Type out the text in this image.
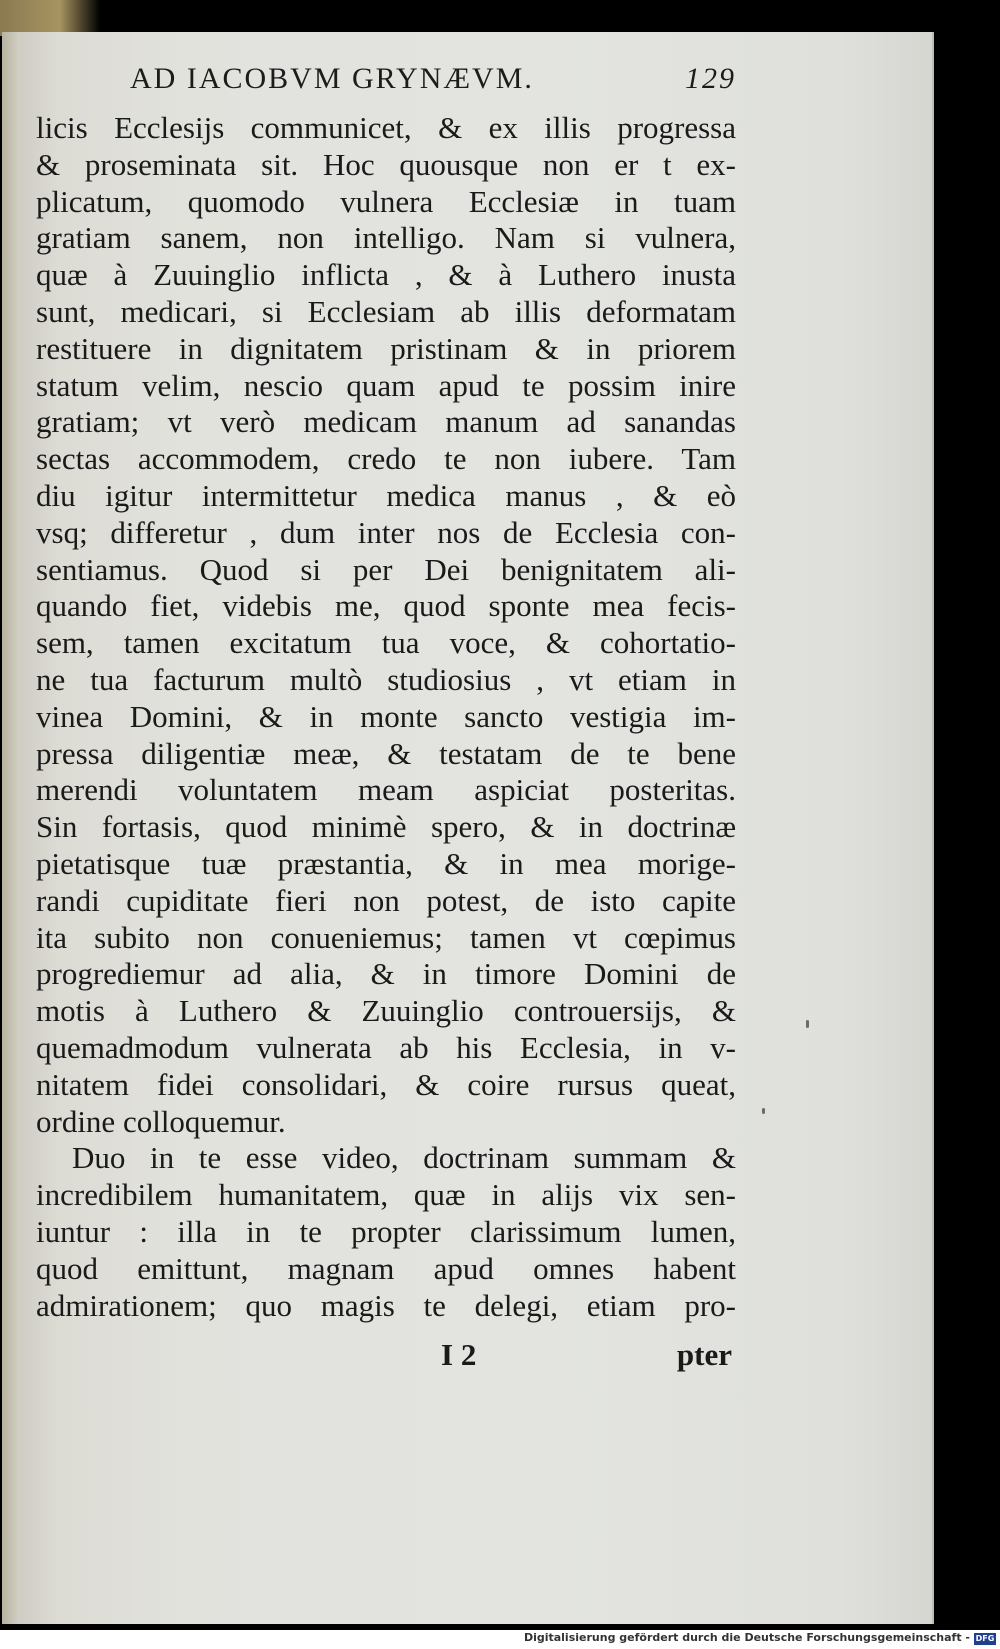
AD IACOBVM GRYNÆVM.	129
licis Ecclesijs communicet, & ex illis progressa
& proseminata sit. Hoc quousque non er t ex-
plicatum, quomodo vulnera Ecclesiæ in tuam
gratiam sanem, non intelligo. Nam si vulnera,
quæ à Zuuinglio inflicta , & à Luthero inusta
sunt, medicari, si Ecclesiam ab illis deformatam
restituere in dignitatem pristinam & in priorem
statum velim, nescio quam apud te possim inire
gratiam; vt verò medicam manum ad sanandas
sectas accommodem, credo te non iubere. Tam
diu igitur intermittetur medica manus , & eò
vsq; differetur , dum inter nos de Ecclesia con-
sentiamus. Quod si per Dei benignitatem ali-
quando fiet, videbis me, quod sponte mea fecis-
sem, tamen excitatum tua voce, & cohortatio-
ne tua facturum multò studiosius , vt etiam in
vinea Domini, & in monte sancto vestigia im-
pressa diligentiæ meæ, & testatam de te bene
merendi voluntatem meam aspiciat posteritas.
Sin fortasis, quod minimè spero, & in doctrinæ
pietatisque tuæ præstantia, & in mea morige-
randi cupiditate fieri non potest, de isto capite
ita subito non conueniemus; tamen vt cœpimus
progrediemur ad alia, & in timore Domini de
motis à Luthero & Zuuinglio controuersijs, &
quemadmodum vulnerata ab his Ecclesia, in v-
nitatem fidei consolidari, & coire rursus queat,
ordine colloquemur.
Duo in te esse video, doctrinam summam &
incredibilem humanitatem, quæ in alijs vix sen-
iuntur : illa in te propter clarissimum lumen,
quod emittunt, magnam apud omnes habent
admirationem; quo magis te delegi, etiam pro-
I 2	pter
Digitalisierung gefördert durch die Deutsche Forschungsgemeinschaft - DFG
